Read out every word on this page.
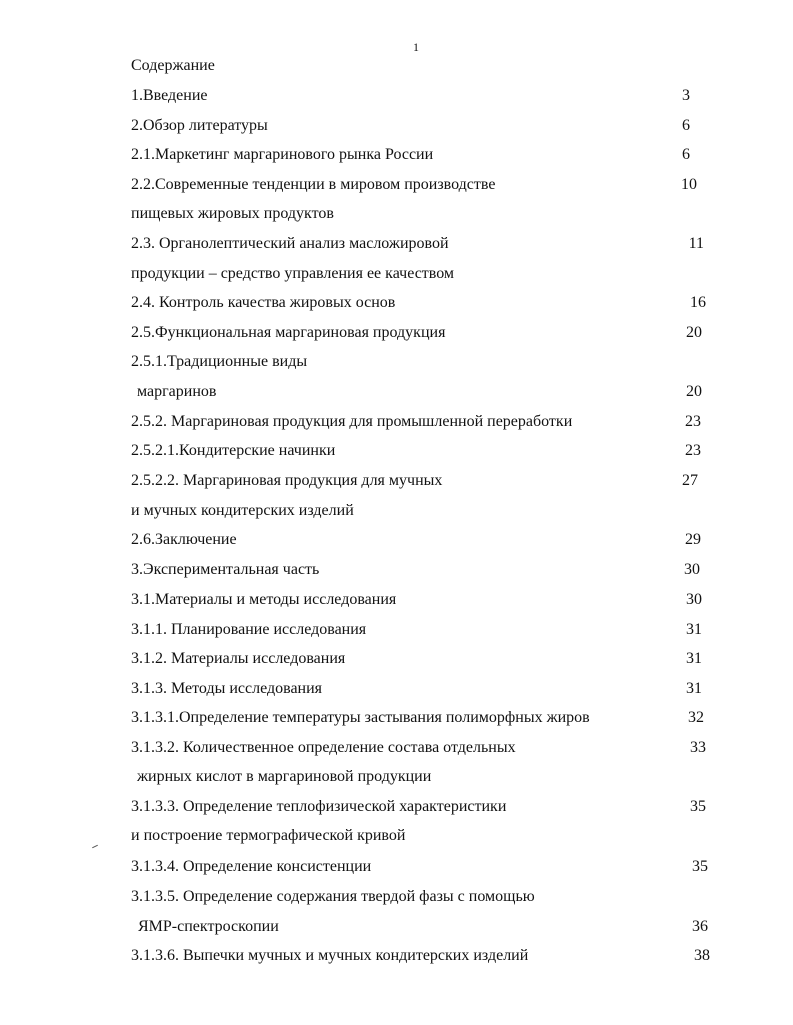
1
Содержание
1.Введение	3
2.Обзор литературы	6
2.1.Маркетинг маргаринового рынка России	6
2.2.Современные тенденции в мировом производстве	10
пищевых жировых продуктов
2.3. Органолептический анализ масложировой	11
продукции – средство управления ее качеством
2.4. Контроль качества жировых основ	16
2.5.Функциональная маргариновая продукция	20
2.5.1.Традиционные виды
маргаринов	20
2.5.2. Маргариновая продукция для промышленной переработки	23
2.5.2.1.Кондитерские начинки	23
2.5.2.2. Маргариновая продукция для мучных	27
и мучных кондитерских изделий
2.6.Заключение	29
3.Экспериментальная часть	30
3.1.Материалы и методы исследования	30
3.1.1. Планирование исследования	31
3.1.2. Материалы исследования	31
3.1.3. Методы исследования	31
3.1.3.1.Определение температуры застывания полиморфных жиров	32
3.1.3.2. Количественное определение состава отдельных	33
жирных кислот в маргариновой продукции
3.1.3.3. Определение теплофизической характеристики	35
и построение термографической кривой
3.1.3.4. Определение консистенции	35
3.1.3.5. Определение содержания твердой фазы с помощью
ЯМР-спектроскопии	36
3.1.3.6. Выпечки мучных и мучных кондитерских изделий	38
